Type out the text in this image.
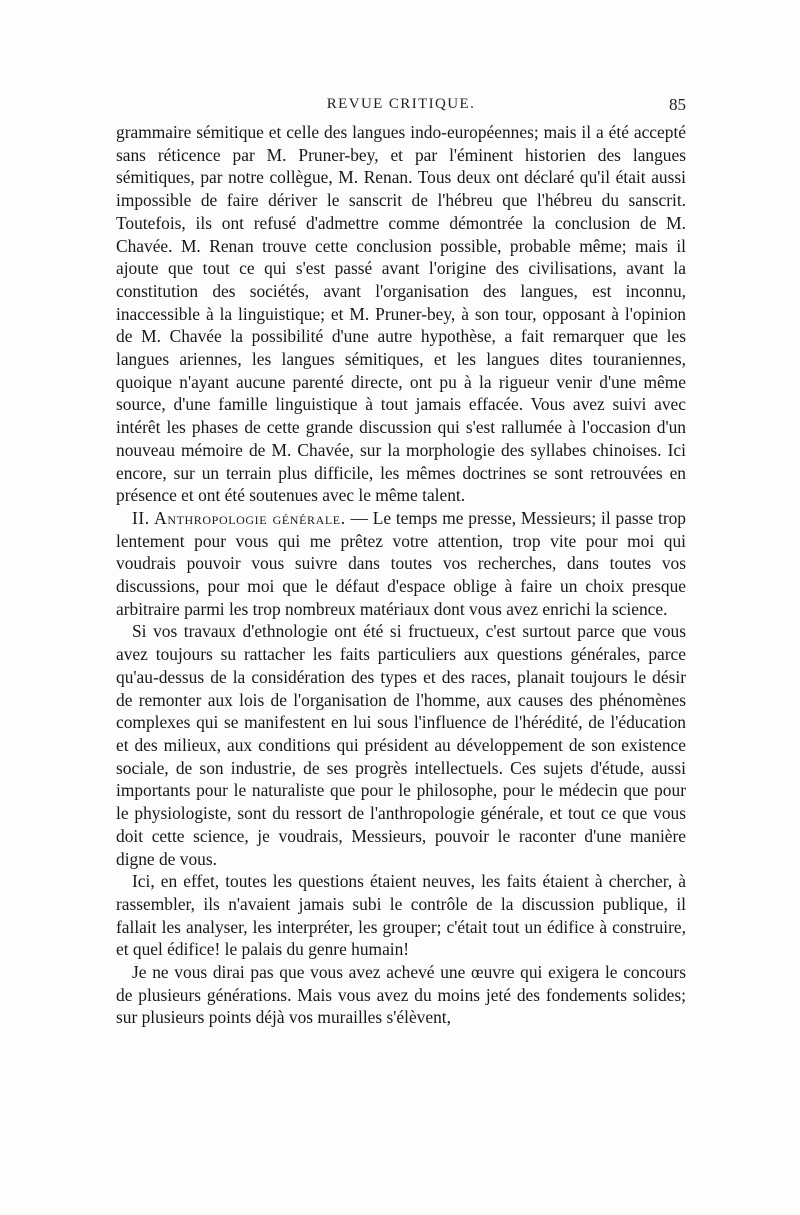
REVUE CRITIQUE.	85

grammaire sémitique et celle des langues indo-européennes; mais il a été accepté sans réticence par M. Pruner-bey, et par l'éminent historien des langues sémitiques, par notre collègue, M. Renan. Tous deux ont déclaré qu'il était aussi impossible de faire dériver le sanscrit de l'hébreu que l'hébreu du sanscrit. Toutefois, ils ont refusé d'admettre comme démontrée la conclusion de M. Chavée. M. Renan trouve cette conclusion possible, probable même; mais il ajoute que tout ce qui s'est passé avant l'origine des civilisations, avant la constitution des sociétés, avant l'organisation des langues, est inconnu, inaccessible à la linguistique; et M. Pruner-bey, à son tour, opposant à l'opinion de M. Chavée la possibilité d'une autre hypothèse, a fait remarquer que les langues ariennes, les langues sémitiques, et les langues dites touraniennes, quoique n'ayant aucune parenté directe, ont pu à la rigueur venir d'une même source, d'une famille linguistique à tout jamais effacée. Vous avez suivi avec intérêt les phases de cette grande discussion qui s'est rallumée à l'occasion d'un nouveau mémoire de M. Chavée, sur la morphologie des syllabes chinoises. Ici encore, sur un terrain plus difficile, les mêmes doctrines se sont retrouvées en présence et ont été soutenues avec le même talent.

II. Anthropologie générale. — Le temps me presse, Messieurs; il passe trop lentement pour vous qui me prêtez votre attention, trop vite pour moi qui voudrais pouvoir vous suivre dans toutes vos recherches, dans toutes vos discussions, pour moi que le défaut d'espace oblige à faire un choix presque arbitraire parmi les trop nombreux matériaux dont vous avez enrichi la science.

Si vos travaux d'ethnologie ont été si fructueux, c'est surtout parce que vous avez toujours su rattacher les faits particuliers aux questions générales, parce qu'au-dessus de la considération des types et des races, planait toujours le désir de remonter aux lois de l'organisation de l'homme, aux causes des phénomènes complexes qui se manifestent en lui sous l'influence de l'hérédité, de l'éducation et des milieux, aux conditions qui président au développement de son existence sociale, de son industrie, de ses progrès intellectuels. Ces sujets d'étude, aussi importants pour le naturaliste que pour le philosophe, pour le médecin que pour le physiologiste, sont du ressort de l'anthropologie générale, et tout ce que vous doit cette science, je voudrais, Messieurs, pouvoir le raconter d'une manière digne de vous.

Ici, en effet, toutes les questions étaient neuves, les faits étaient à chercher, à rassembler, ils n'avaient jamais subi le contrôle de la discussion publique, il fallait les analyser, les interpréter, les grouper; c'était tout un édifice à construire, et quel édifice! le palais du genre humain!

Je ne vous dirai pas que vous avez achevé une œuvre qui exigera le concours de plusieurs générations. Mais vous avez du moins jeté des fondements solides; sur plusieurs points déjà vos murailles s'élèvent,
